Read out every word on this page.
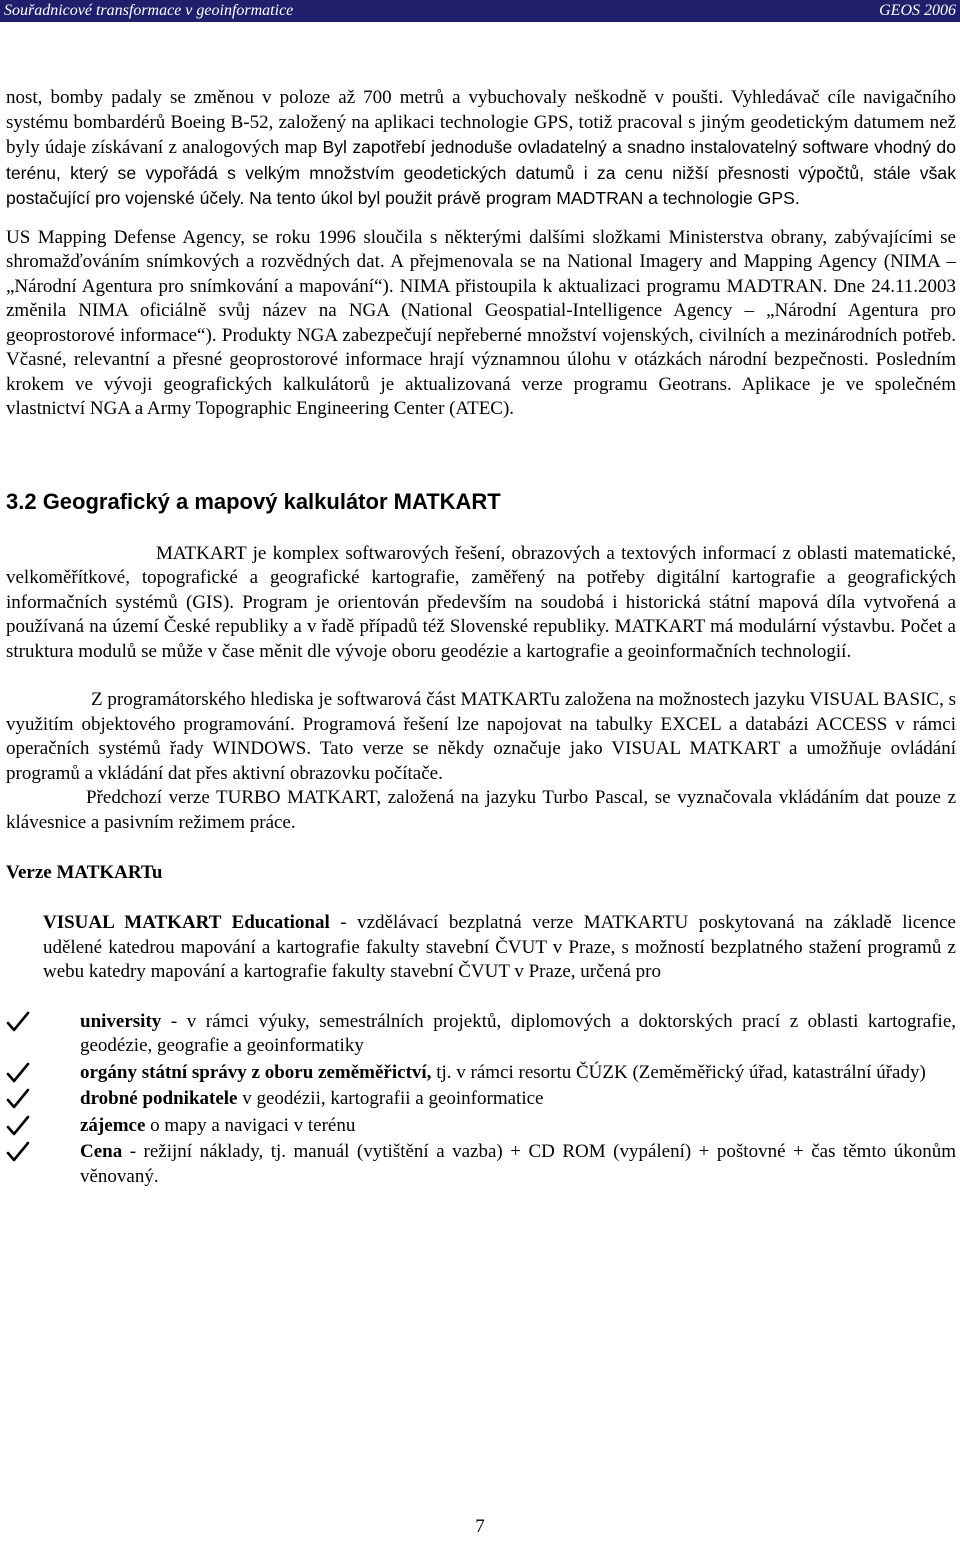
Souřadnicové transformace v geoinformatice	GEOS 2006

nost, bomby padaly se změnou v poloze až 700 metrů a vybuchovaly neškodně v poušti. Vyhledávač cíle navigačního systému bombardérů Boeing B-52, založený na aplikaci technologie GPS, totiž pracoval s jiným geodetickým datumem než byly údaje získávaní z analogových map Byl zapotřebí jednoduše ovladatelný a snadno instalovatelný software vhodný do terénu, který se vypořádá s velkým množstvím geodetických datumů i za cenu nižší přesnosti výpočtů, stále však postačující pro vojenské účely. Na tento úkol byl použit právě program MADTRAN a technologie GPS.

US Mapping Defense Agency, se roku 1996 sloučila s některými dalšími složkami Ministerstva obrany, zabývajícími se shromažďováním snímkových a rozvědných dat. A přejmenovala se na National Imagery and Mapping Agency (NIMA – „Národní Agentura pro snímkování a mapování“). NIMA přistoupila k aktualizaci programu MADTRAN. Dne 24.11.2003 změnila NIMA oficiálně svůj název na NGA (National Geospatial-Intelligence Agency – „Národní Agentura pro geoprostorové informace“). Produkty NGA zabezpečují nepřeberné množství vojenských, civilních a mezinárodních potřeb. Včasné, relevantní a přesné geoprostorové informace hrají významnou úlohu v otázkách národní bezpečnosti. Posledním krokem ve vývoji geografických kalkulátorů je aktualizovaná verze programu Geotrans. Aplikace je ve společném vlastnictví NGA a Army Topographic Engineering Center (ATEC).

3.2 Geografický a mapový kalkulátor MATKART

MATKART je komplex softwarových řešení, obrazových a textových informací z oblasti matematické, velkoměřítkové, topografické a geografické kartografie, zaměřený na potřeby digitální kartografie a geografických informačních systémů (GIS). Program je orientován především na soudobá i historická státní mapová díla vytvořená a používaná na území České republiky a v řadě případů též Slovenské republiky. MATKART má modulární výstavbu. Počet a struktura modulů se může v čase měnit dle vývoje oboru geodézie a kartografie a geoinformačních technologií.

Z programátorského hlediska je softwarová část MATKARTu založena na možnostech jazyku VISUAL BASIC, s využitím objektového programování. Programová řešení lze napojovat na tabulky EXCEL a databázi ACCESS v rámci operačních systémů řady WINDOWS. Tato verze se někdy označuje jako VISUAL MATKART a umožňuje ovládání programů a vkládání dat přes aktivní obrazovku počítače.

Předchozí verze TURBO MATKART, založená na jazyku Turbo Pascal, se vyznačovala vkládáním dat pouze z klávesnice a pasivním režimem práce.

Verze MATKARTu

VISUAL MATKART Educational - vzdělávací bezplatná verze MATKARTU poskytovaná na základě licence udělené katedrou mapování a kartografie fakulty stavební ČVUT v Praze, s možností bezplatného stažení programů z webu katedry mapování a kartografie fakulty stavební ČVUT v Praze, určená pro

university - v rámci výuky, semestrálních projektů, diplomových a doktorských prací z oblasti kartografie, geodézie, geografie a geoinformatiky
orgány státní správy z oboru zeměměřictví, tj. v rámci resortu ČÚZK (Zeměměřický úřad, katastrální úřady)
drobné podnikatele v geodézii, kartografii a geoinformatice
zájemce o mapy a navigaci v terénu
Cena - režijní náklady, tj. manuál (vytištění a vazba) + CD ROM (vypálení) + poštovné + čas těmto úkonům věnovaný.
7
